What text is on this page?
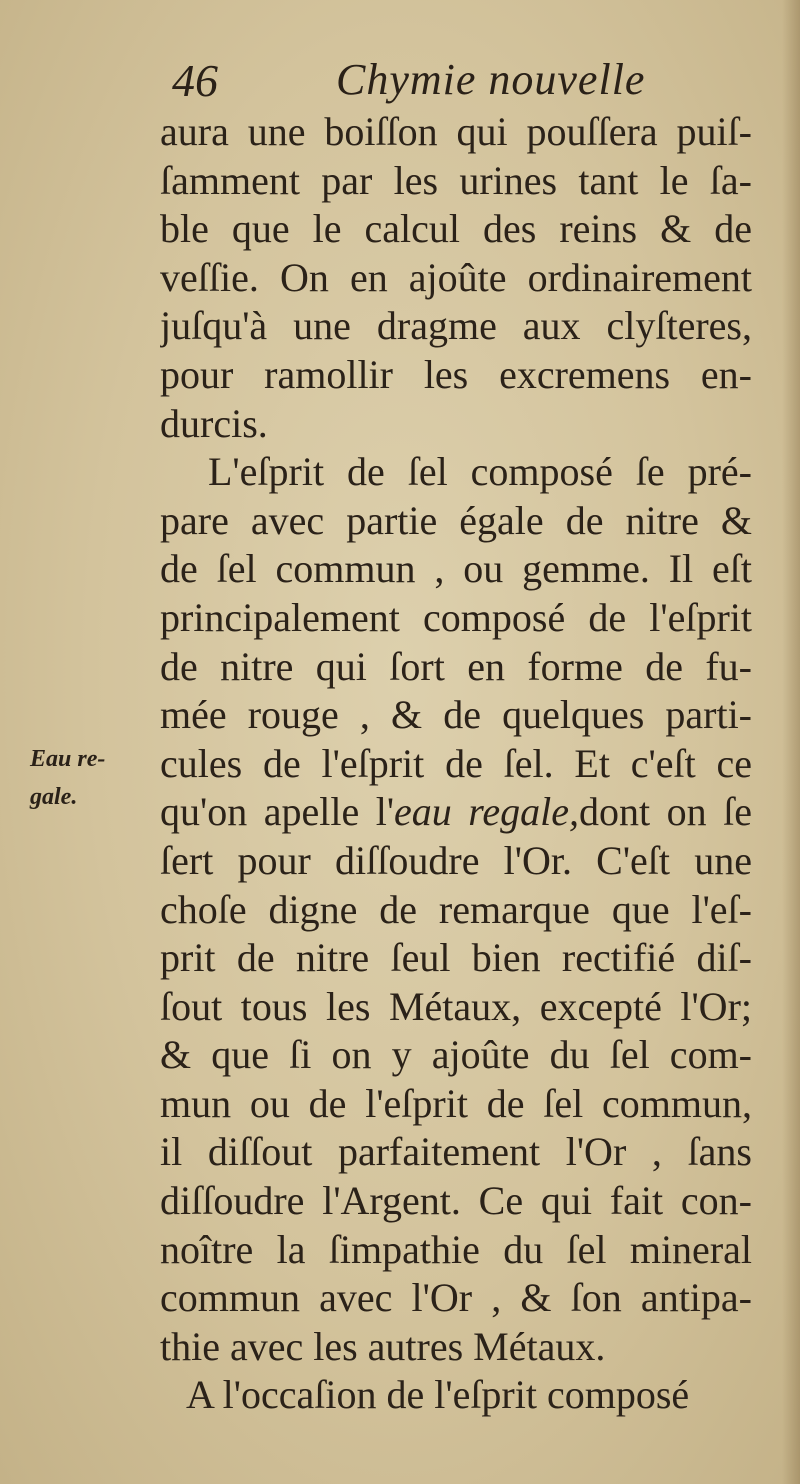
46	Chymie nouvelle
Eau re-
gale.
aura une boiſſon qui pouſſera puiſ-
ſamment par les urines tant le ſa-
ble que le calcul des reins & de
veſſie. On en ajoûte ordinairement
juſqu'à une dragme aux clyſteres,
pour ramollir les excremens en-
durcis.
L'eſprit de ſel composé ſe pré-
pare avec partie égale de nitre &
de ſel commun , ou gemme. Il eſt
principalement composé de l'eſprit
de nitre qui ſort en forme de fu-
mée rouge , & de quelques parti-
cules de l'eſprit de ſel. Et c'eſt ce
qu'on apelle l'eau regale,dont on ſe
ſert pour diſſoudre l'Or. C'eſt une
choſe digne de remarque que l'eſ-
prit de nitre ſeul bien rectifié diſ-
ſout tous les Métaux, excepté l'Or;
& que ſi on y ajoûte du ſel com-
mun ou de l'eſprit de ſel commun,
il diſſout parfaitement l'Or , ſans
diſſoudre l'Argent. Ce qui fait con-
noître la ſimpathie du ſel mineral
commun avec l'Or , & ſon antipa-
thie avec les autres Métaux.
A l'occaſion de l'eſprit composé
